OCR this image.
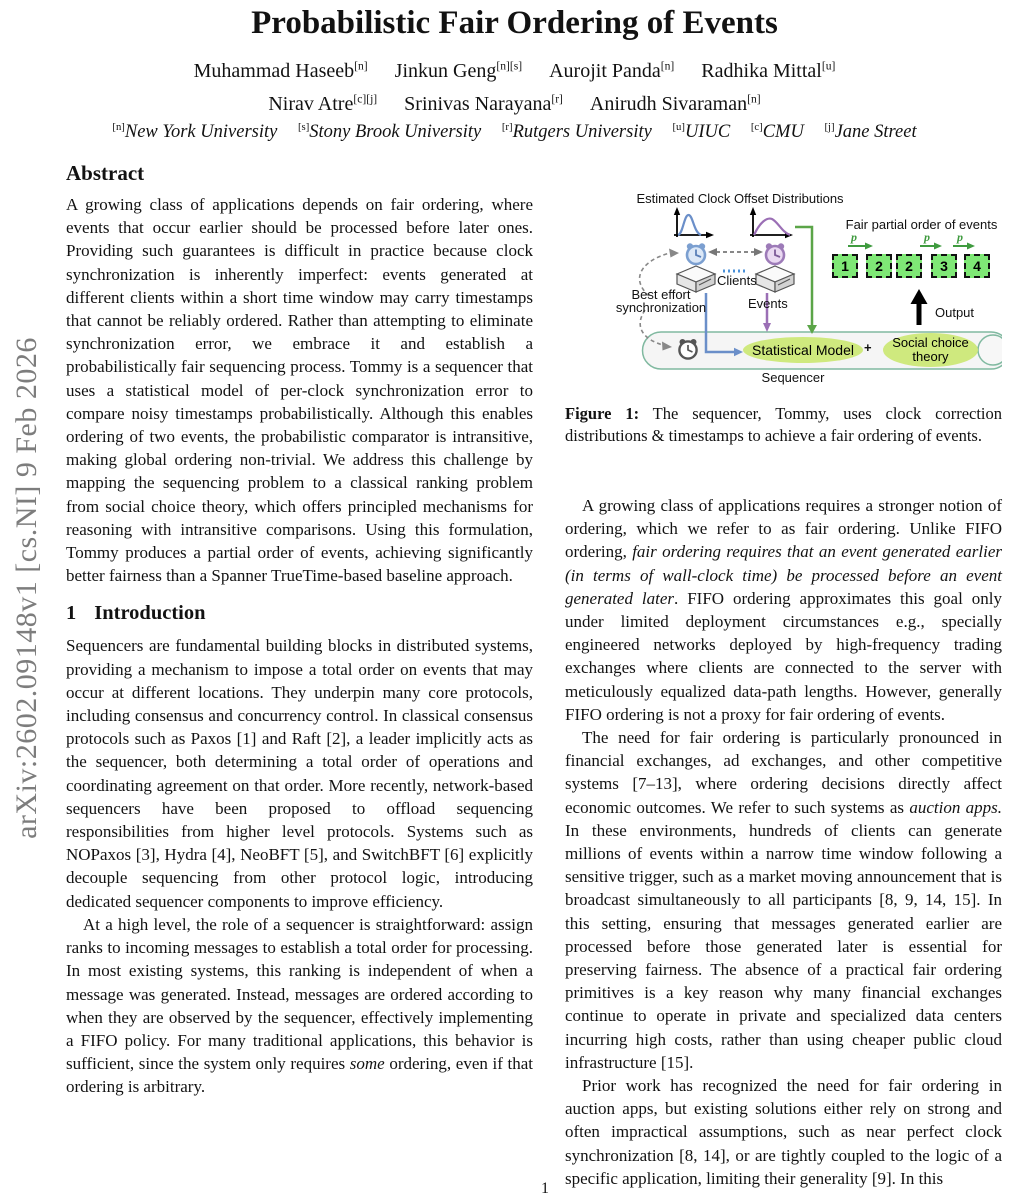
arXiv:2602.09148v1 [cs.NI] 9 Feb 2026
Probabilistic Fair Ordering of Events
Muhammad Haseeb[n] Jinkun Geng[n][s] Aurojit Panda[n] Radhika Mittal[u]
Nirav Atre[c][j] Srinivas Narayana[r] Anirudh Sivaraman[n]
[n]New York University [s]Stony Brook University [r]Rutgers University [u]UIUC [c]CMU [j]Jane Street
Abstract

A growing class of applications depends on fair ordering, where events that occur earlier should be processed before later ones. Providing such guarantees is difficult in practice because clock synchronization is inherently imperfect: events generated at different clients within a short time window may carry timestamps that cannot be reliably ordered. Rather than attempting to eliminate synchronization error, we embrace it and establish a probabilistically fair sequencing process. Tommy is a sequencer that uses a statistical model of per-clock synchronization error to compare noisy timestamps probabilistically. Although this enables ordering of two events, the probabilistic comparator is intransitive, making global ordering non-trivial. We address this challenge by mapping the sequencing problem to a classical ranking problem from social choice theory, which offers principled mechanisms for reasoning with intransitive comparisons. Using this formulation, Tommy produces a partial order of events, achieving significantly better fairness than a Spanner TrueTime-based baseline approach.

1 Introduction

Sequencers are fundamental building blocks in distributed systems, providing a mechanism to impose a total order on events that may occur at different locations. They underpin many core protocols, including consensus and concurrency control. In classical consensus protocols such as Paxos [1] and Raft [2], a leader implicitly acts as the sequencer, both determining a total order of operations and coordinating agreement on that order. More recently, network-based sequencers have been proposed to offload sequencing responsibilities from higher level protocols. Systems such as NOPaxos [3], Hydra [4], NeoBFT [5], and SwitchBFT [6] explicitly decouple sequencing from other protocol logic, introducing dedicated sequencer components to improve efficiency.

At a high level, the role of a sequencer is straightforward: assign ranks to incoming messages to establish a total order for processing. In most existing systems, this ranking is independent of when a message was generated. Instead, messages are ordered according to when they are observed by the sequencer, effectively implementing a FIFO policy. For many traditional applications, this behavior is sufficient, since the system only requires some ordering, even if that ordering is arbitrary.

Estimated Clock Offset Distributions
Fair partial order of events
p	p p
1	2	2	3	4
Clients
Best effort
synchronization	Events
Output
Statistical Model + Social choice
theory
Sequencer
Figure 1: The sequencer, Tommy, uses clock correction distributions & timestamps to achieve a fair ordering of events.

A growing class of applications requires a stronger notion of ordering, which we refer to as fair ordering. Unlike FIFO ordering, fair ordering requires that an event generated earlier (in terms of wall-clock time) be processed before an event generated later. FIFO ordering approximates this goal only under limited deployment circumstances e.g., specially engineered networks deployed by high-frequency trading exchanges where clients are connected to the server with meticulously equalized data-path lengths. However, generally FIFO ordering is not a proxy for fair ordering of events.

The need for fair ordering is particularly pronounced in financial exchanges, ad exchanges, and other competitive systems [7–13], where ordering decisions directly affect economic outcomes. We refer to such systems as auction apps. In these environments, hundreds of clients can generate millions of events within a narrow time window following a sensitive trigger, such as a market moving announcement that is broadcast simultaneously to all participants [8, 9, 14, 15]. In this setting, ensuring that messages generated earlier are processed before those generated later is essential for preserving fairness. The absence of a practical fair ordering primitives is a key reason why many financial exchanges continue to operate in private and specialized data centers incurring high costs, rather than using cheaper public cloud infrastructure [15].

Prior work has recognized the need for fair ordering in auction apps, but existing solutions either rely on strong and often impractical assumptions, such as near perfect clock synchronization [8, 14], or are tightly coupled to the logic of a specific application, limiting their generality [9]. In this

1
